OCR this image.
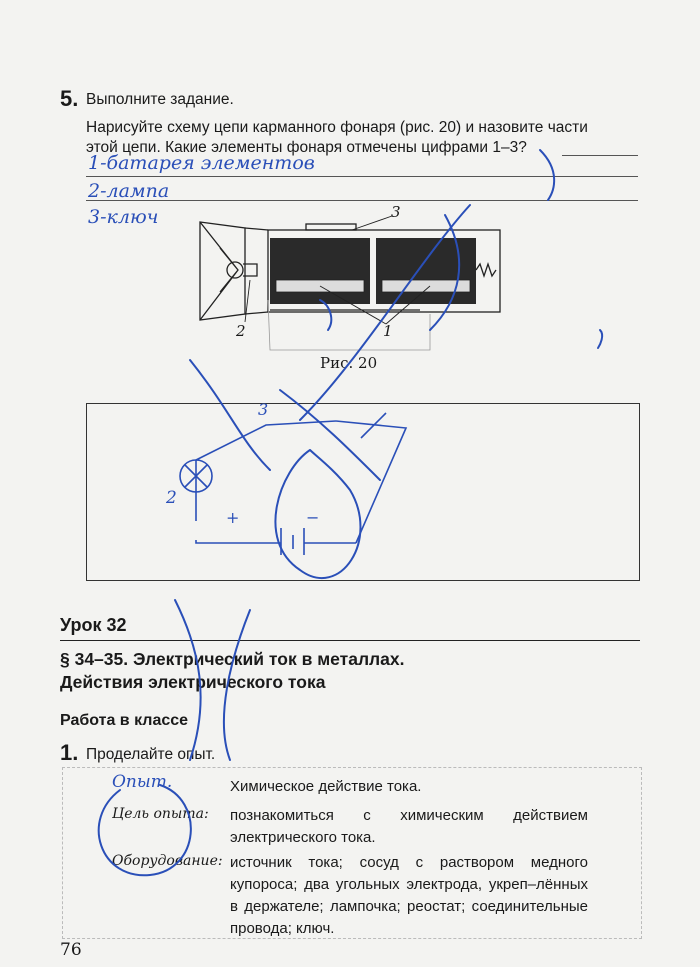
5. Выполните задание.
Нарисуйте схему цепи карманного фонаря (рис. 20) и назовите части
этой цепи. Какие элементы фонаря отмечены цифрами 1–3?
1-батарея элементов
2-лампа
3-ключ	3
1
2
Рис. 20
2
3
+	−
Урок 32
§ 34–35. Электрический ток в металлах.
Действия электрического тока
Работа в классе
1. Проделайте опыт.
Опыт.	Химическое действие тока.
Цель опыта: познакомиться с химическим действием электрического тока.
Оборудование: источник тока; сосуд с раствором медного купороса; два угольных электрода, укреп–лённых в держателе; лампочка; реостат; соединительные провода; ключ.
76
